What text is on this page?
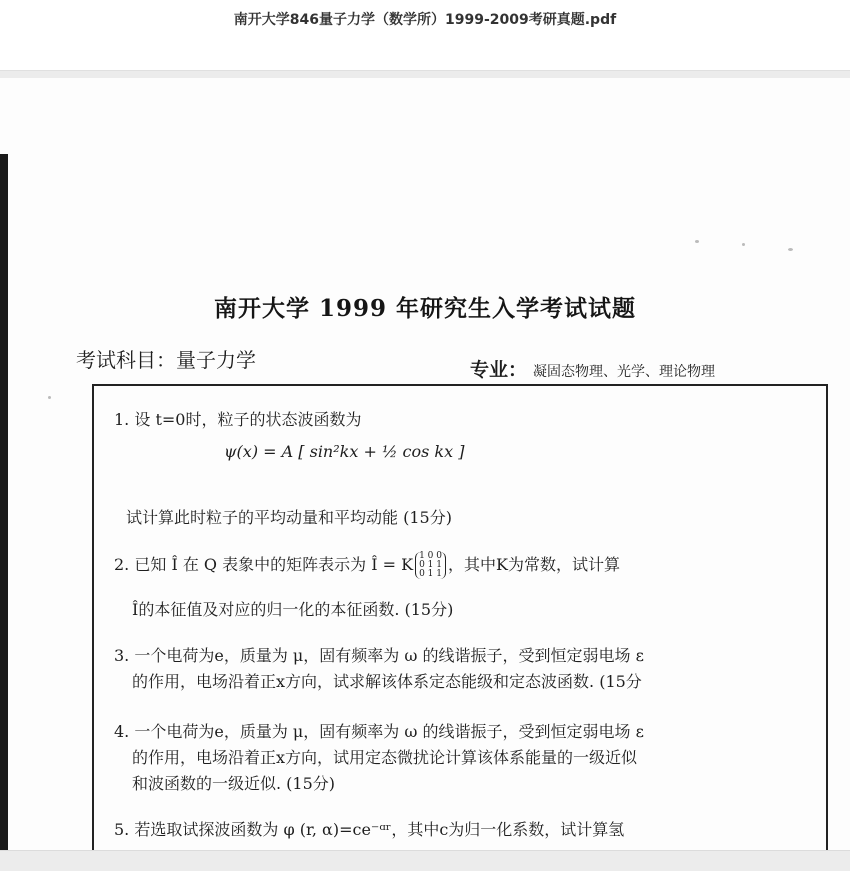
南开大学846量子力学（数学所）1999-2009考研真题.pdf
南开大学 1999 年研究生入学考试试题
考试科目：量子力学	专业： 凝固态物理、光学、理论物理
1. 设 t=0时，粒子的状态波函数为
ψ(x) = A [ sin²kx + ½ cos kx ]
试计算此时粒子的平均动量和平均动能 (15分)
2. 已知 Î 在 Q 表象中的矩阵表示为 Î = K 1 0 0
0 1 1
0 1 1 ，其中K为常数，试计算
Î的本征值及对应的归一化的本征函数. (15分)
3. 一个电荷为e，质量为 μ，固有频率为 ω 的线谐振子，受到恒定弱电场 ε
的作用，电场沿着正x方向，试求解该体系定态能级和定态波函数. (15分
4. 一个电荷为e，质量为 μ，固有频率为 ω 的线谐振子，受到恒定弱电场 ε
的作用，电场沿着正x方向，试用定态微扰论计算该体系能量的一级近似
和波函数的一级近似. (15分)
5. 若选取试探波函数为 φ (r, α)=ce⁻ᵅʳ，其中c为归一化系数，试计算氢
